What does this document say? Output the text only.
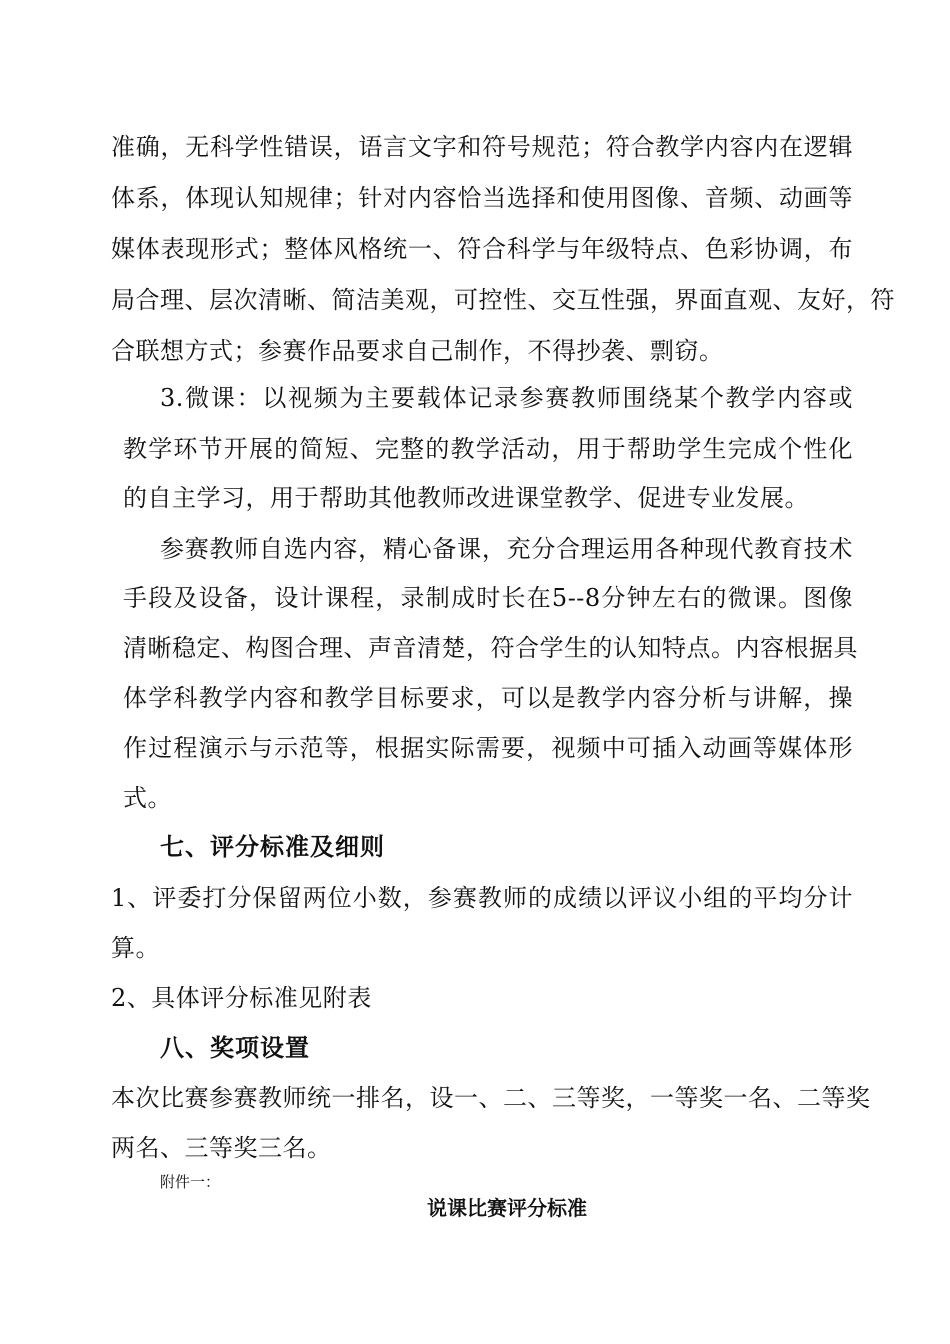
准确，无科学性错误，语言文字和符号规范；符合教学内容内在逻辑
体系，体现认知规律；针对内容恰当选择和使用图像、音频、动画等
媒体表现形式；整体风格统一、符合科学与年级特点、色彩协调，布
局合理、层次清晰、简洁美观，可控性、交互性强，界面直观、友好，符
合联想方式；参赛作品要求自己制作，不得抄袭、剽窃。
3.微课：以视频为主要载体记录参赛教师围绕某个教学内容或
教学环节开展的简短、完整的教学活动，用于帮助学生完成个性化
的自主学习，用于帮助其他教师改进课堂教学、促进专业发展。
参赛教师自选内容，精心备课，充分合理运用各种现代教育技术
手段及设备，设计课程，录制成时长在5--8分钟左右的微课。图像
清晰稳定、构图合理、声音清楚，符合学生的认知特点。内容根据具
体学科教学内容和教学目标要求，可以是教学内容分析与讲解，操
作过程演示与示范等，根据实际需要，视频中可插入动画等媒体形
式。
七、评分标准及细则
1、评委打分保留两位小数，参赛教师的成绩以评议小组的平均分计
算。
2、具体评分标准见附表
八、奖项设置
本次比赛参赛教师统一排名，设一、二、三等奖，一等奖一名、二等奖
两名、三等奖三名。
附件一：
说课比赛评分标准
